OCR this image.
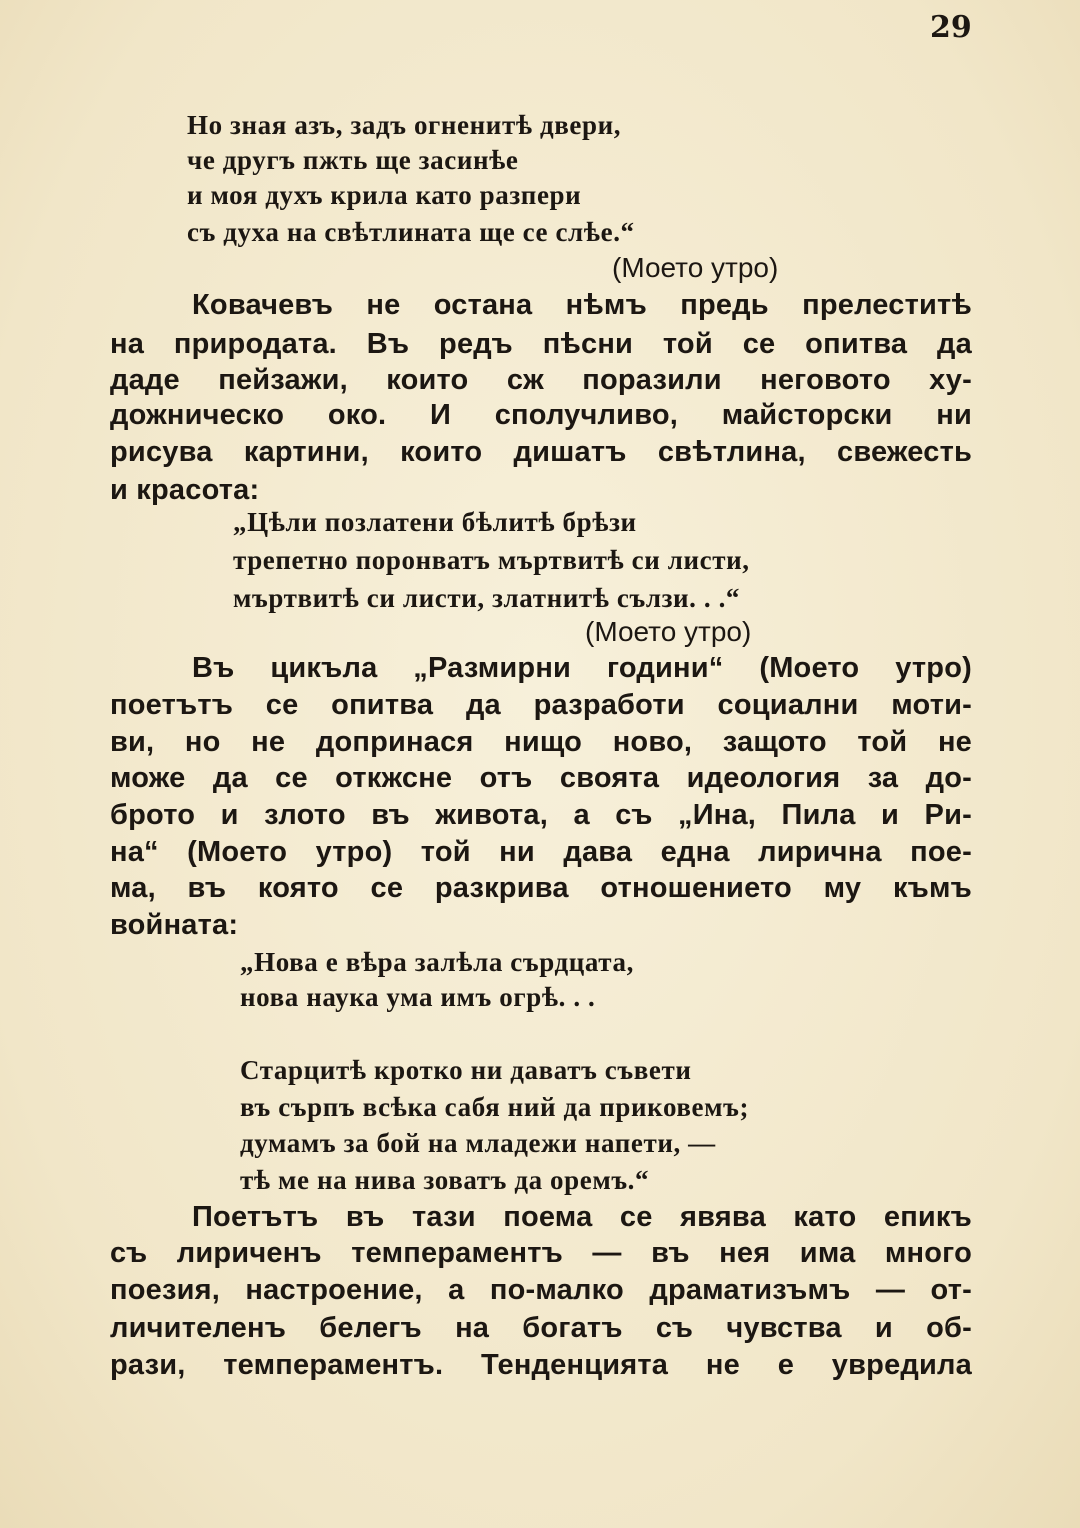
29
Но зная азъ, задъ огненитѣ двери,
че другъ пжть ще засинѣе
и моя духъ крила като разпери
съ духа на свѣтлината ще се слѣе.“
(Моето утро)
Ковачевъ не остана нѣмъ предь прелеститѣ
на природата. Въ редъ пѣсни той се опитва да
даде пейзажи, които сж поразили неговото ху-
дожническо око. И сполучливо, майсторски ни
рисува картини, които дишатъ свѣтлина, свежесть
и красота:
„Цѣли позлатени бѣлитѣ брѣзи
трепетно поронватъ мъртвитѣ си листи,
мъртвитѣ си листи, златнитѣ сълзи. . .“
(Моето утро)
Въ цикъла „Размирни години“ (Моето утро)
поетътъ се опитва да разработи социални моти-
ви, но не допринася нищо ново, защото той не
може да се откжсне отъ своята идеология за до-
брото и злото въ живота, а съ „Ина, Пила и Ри-
на“ (Моето утро) той ни дава една лирична пое-
ма, въ която се разкрива отношението му къмъ
войната:
„Нова е вѣра залѣла сърдцата,
нова наука ума имъ огрѣ. . .
Старцитѣ кротко ни даватъ съвети
въ сърпъ всѣка сабя ний да приковемъ;
думамъ за бой на младежи напети, —
тѣ ме на нива зоватъ да оремъ.“
Поетътъ въ тази поема се явява като епикъ
съ лириченъ темпераментъ — въ нея има много
поезия, настроение, а по-малко драматизъмъ — от-
личителенъ белегъ на богатъ съ чувства и об-
рази, темпераментъ. Тенденцията не е увредила
